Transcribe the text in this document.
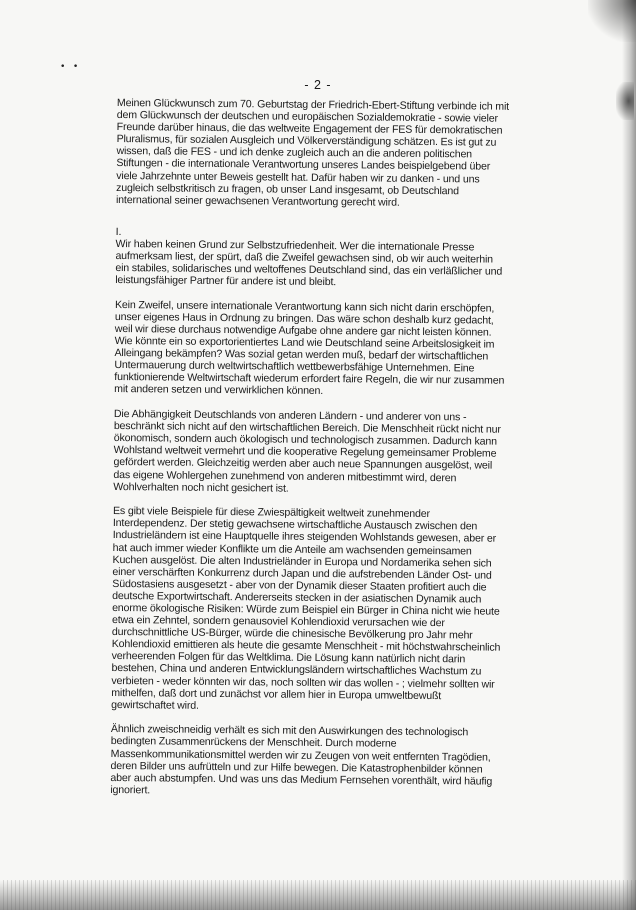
• •
- 2 -

Meinen Glückwunsch zum 70. Geburtstag der Friedrich-Ebert-Stiftung verbinde ich mit
dem Glückwunsch der deutschen und europäischen Sozialdemokratie - sowie vieler
Freunde darüber hinaus, die das weltweite Engagement der FES für demokratischen
Pluralismus, für sozialen Ausgleich und Völkerverständigung schätzen. Es ist gut zu
wissen, daß die FES - und ich denke zugleich auch an die anderen politischen
Stiftungen - die internationale Verantwortung unseres Landes beispielgebend über
viele Jahrzehnte unter Beweis gestellt hat. Dafür haben wir zu danken - und uns
zugleich selbstkritisch zu fragen, ob unser Land insgesamt, ob Deutschland
international seiner gewachsenen Verantwortung gerecht wird.

I.

Wir haben keinen Grund zur Selbstzufriedenheit. Wer die internationale Presse
aufmerksam liest, der spürt, daß die Zweifel gewachsen sind, ob wir auch weiterhin
ein stabiles, solidarisches und weltoffenes Deutschland sind, das ein verläßlicher und
leistungsfähiger Partner für andere ist und bleibt.

Kein Zweifel, unsere internationale Verantwortung kann sich nicht darin erschöpfen,
unser eigenes Haus in Ordnung zu bringen. Das wäre schon deshalb kurz gedacht,
weil wir diese durchaus notwendige Aufgabe ohne andere gar nicht leisten können.
Wie könnte ein so exportorientiertes Land wie Deutschland seine Arbeitslosigkeit im
Alleingang bekämpfen? Was sozial getan werden muß, bedarf der wirtschaftlichen
Untermauerung durch weltwirtschaftlich wettbewerbsfähige Unternehmen. Eine
funktionierende Weltwirtschaft wiederum erfordert faire Regeln, die wir nur zusammen
mit anderen setzen und verwirklichen können.

Die Abhängigkeit Deutschlands von anderen Ländern - und anderer von uns -
beschränkt sich nicht auf den wirtschaftlichen Bereich. Die Menschheit rückt nicht nur
ökonomisch, sondern auch ökologisch und technologisch zusammen. Dadurch kann
Wohlstand weltweit vermehrt und die kooperative Regelung gemeinsamer Probleme
gefördert werden. Gleichzeitig werden aber auch neue Spannungen ausgelöst, weil
das eigene Wohlergehen zunehmend von anderen mitbestimmt wird, deren
Wohlverhalten noch nicht gesichert ist.

Es gibt viele Beispiele für diese Zwiespältigkeit weltweit zunehmender
Interdependenz. Der stetig gewachsene wirtschaftliche Austausch zwischen den
Industrieländern ist eine Hauptquelle ihres steigenden Wohlstands gewesen, aber er
hat auch immer wieder Konflikte um die Anteile am wachsenden gemeinsamen
Kuchen ausgelöst. Die alten Industrieländer in Europa und Nordamerika sehen sich
einer verschärften Konkurrenz durch Japan und die aufstrebenden Länder Ost- und
Südostasiens ausgesetzt - aber von der Dynamik dieser Staaten profitiert auch die
deutsche Exportwirtschaft. Andererseits stecken in der asiatischen Dynamik auch
enorme ökologische Risiken: Würde zum Beispiel ein Bürger in China nicht wie heute
etwa ein Zehntel, sondern genausoviel Kohlendioxid verursachen wie der
durchschnittliche US-Bürger, würde die chinesische Bevölkerung pro Jahr mehr
Kohlendioxid emittieren als heute die gesamte Menschheit - mit höchstwahrscheinlich
verheerenden Folgen für das Weltklima. Die Lösung kann natürlich nicht darin
bestehen, China und anderen Entwicklungsländern wirtschaftliches Wachstum zu
verbieten - weder könnten wir das, noch sollten wir das wollen - ; vielmehr sollten wir
mithelfen, daß dort und zunächst vor allem hier in Europa umweltbewußt
gewirtschaftet wird.

Ähnlich zweischneidig verhält es sich mit den Auswirkungen des technologisch
bedingten Zusammenrückens der Menschheit. Durch moderne
Massenkommunikationsmittel werden wir zu Zeugen von weit entfernten Tragödien,
deren Bilder uns aufrütteln und zur Hilfe bewegen. Die Katastrophenbilder können
aber auch abstumpfen. Und was uns das Medium Fernsehen vorenthält, wird häufig
ignoriert.
